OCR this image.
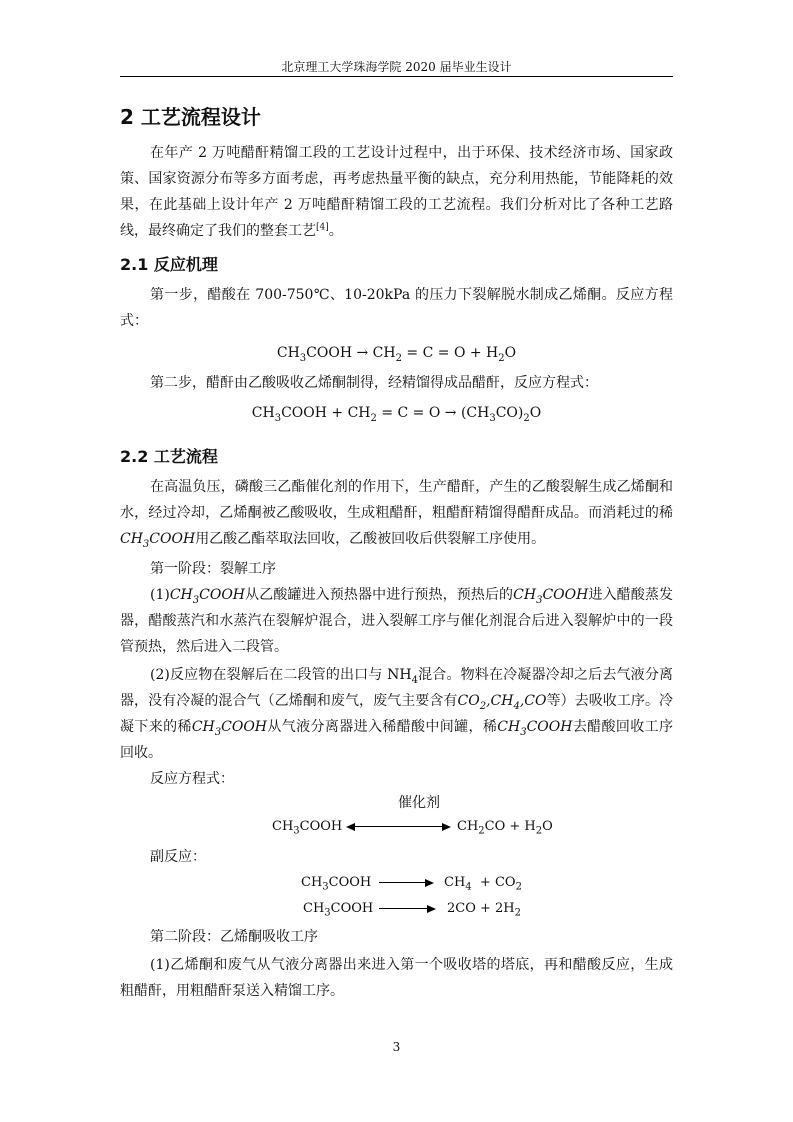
北京理工大学珠海学院 2020 届毕业生设计
2 工艺流程设计

在年产 2 万吨醋酐精馏工段的工艺设计过程中，出于环保、技术经济市场、国家政策、国家资源分布等多方面考虑，再考虑热量平衡的缺点，充分利用热能，节能降耗的效果，在此基础上设计年产 2 万吨醋酐精馏工段的工艺流程。我们分析对比了各种工艺路线，最终确定了我们的整套工艺[4]。

2.1 反应机理

第一步，醋酸在 700-750℃、10-20kPa 的压力下裂解脱水制成乙烯酮。反应方程式：

$CH_3COOH \to CH_2 = C = O + H_2O$

第二步，醋酐由乙酸吸收乙烯酮制得，经精馏得成品醋酐，反应方程式：

$CH_3COOH + CH_2 = C = O \to (CH_3CO)_2O$
2.2 工艺流程

在高温负压，磷酸三乙酯催化剂的作用下，生产醋酐，产生的乙酸裂解生成乙烯酮和水，经过冷却，乙烯酮被乙酸吸收，生成粗醋酐，粗醋酐精馏得醋酐成品。而消耗过的稀$CH_3COOH$用乙酸乙酯萃取法回收，乙酸被回收后供裂解工序使用。

第一阶段：裂解工序

$(1)CH_3COOH$从乙酸罐进入预热器中进行预热，预热后的$CH_3COOH$进入醋酸蒸发器，醋酸蒸汽和水蒸汽在裂解炉混合，进入裂解工序与催化剂混合后进入裂解炉中的一段管预热，然后进入二段管。

(2)反应物在裂解后在二段管的出口与 $NH_4$混合。物料在冷凝器冷却之后去气液分离器，没有冷凝的混合气（乙烯酮和废气，废气主要含有$CO_2,CH_4,CO$等）去吸收工序。冷凝下来的稀$CH_3COOH$从气液分离器进入稀醋酸中间罐，稀$CH_3COOH$去醋酸回收工序回收。

反应方程式：

催化剂
$CH_3COOH$	$CH_2CO + H_2O$

副反应：

$CH_3COOH$	$CH_4 + CO_2$
$CH_3COOH$	$2CO + 2H_2$

第二阶段：乙烯酮吸收工序

(1)乙烯酮和废气从气液分离器出来进入第一个吸收塔的塔底，再和醋酸反应，生成粗醋酐，用粗醋酐泵送入精馏工序。

3
